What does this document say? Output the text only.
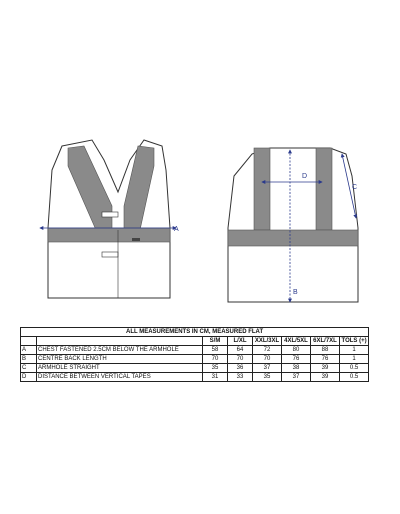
A
D
C
B
ALL MEASUREMENTS IN CM, MEASURED FLAT							
		S/M	L/XL	XXL/3XL	4XL/5XL	6XL/7XL	TOLS (+)
A	CHEST FASTENED 2.5CM BELOW THE ARMHOLE	58	64	72	80	88	1
B	CENTRE BACK LENGTH	70	70	70	76	76	1
C	ARMHOLE STRAIGHT	35	36	37	38	39	0.5
D	DISTANCE BETWEEN VERTICAL TAPES	31	33	35	37	39	0.5
